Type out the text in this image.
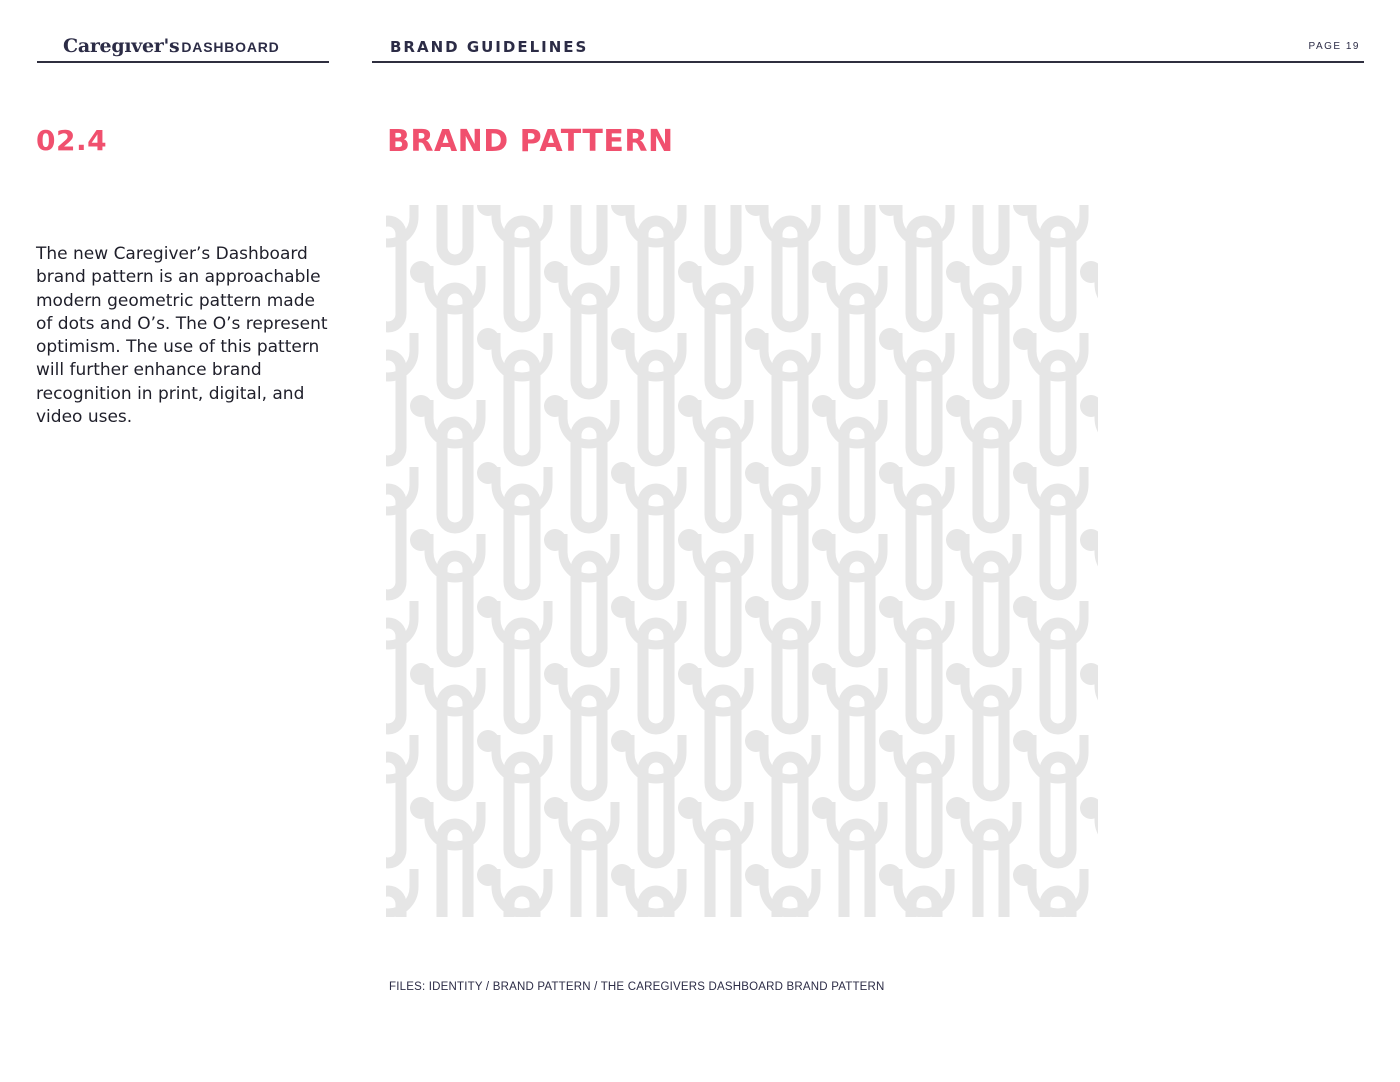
Caregıver's DASHBOARD	BRAND GUIDELINES	PAGE 19
02.4	BRAND PATTERN
The new Caregiver’s Dashboard brand pattern is an approachable modern geometric pattern made of dots and O’s. The O’s represent optimism. The use of this pattern will further enhance brand recognition in print, digital, and video uses.
FILES: IDENTITY / BRAND PATTERN / THE CAREGIVERS DASHBOARD BRAND PATTERN
